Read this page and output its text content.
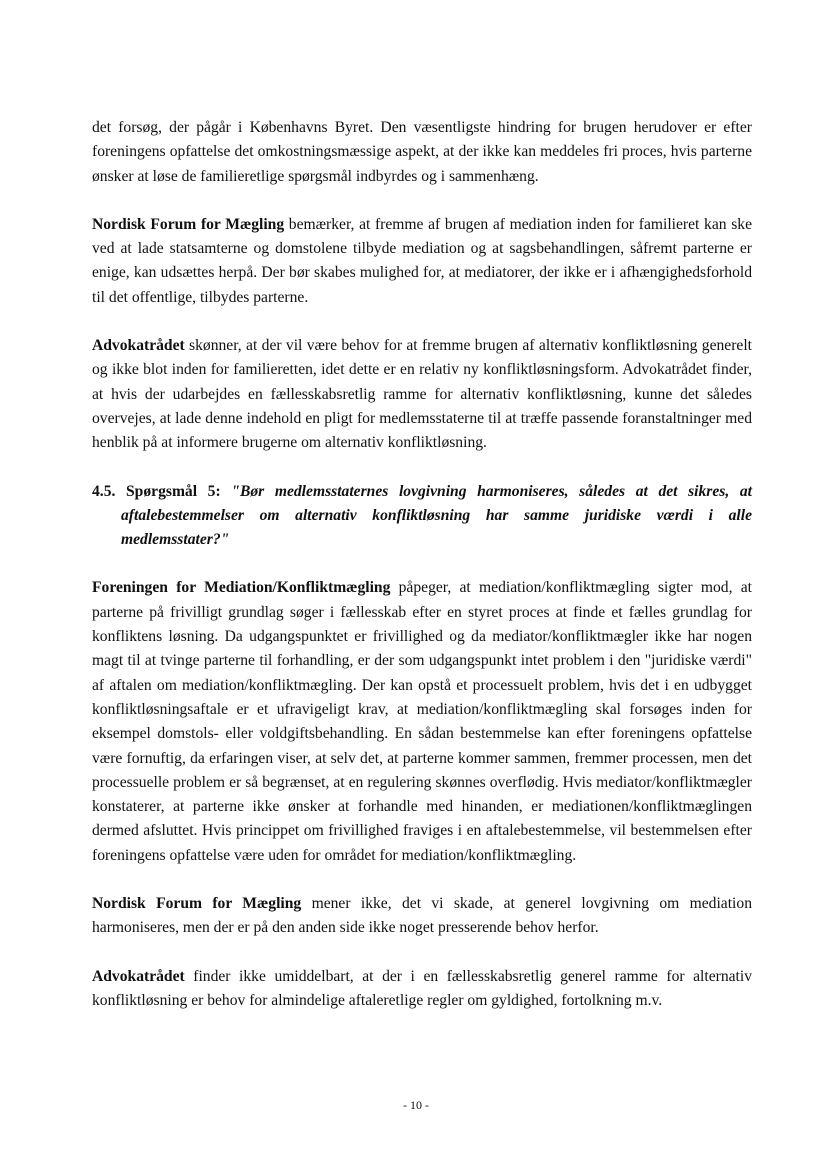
det forsøg, der pågår i Københavns Byret. Den væsentligste hindring for brugen herudover er efter foreningens opfattelse det omkostningsmæssige aspekt, at der ikke kan meddeles fri proces, hvis parterne ønsker at løse de familieretlige spørgsmål indbyrdes og i sammenhæng.

Nordisk Forum for Mægling bemærker, at fremme af brugen af mediation inden for familieret kan ske ved at lade statsamterne og domstolene tilbyde mediation og at sagsbehandlingen, såfremt parterne er enige, kan udsættes herpå. Der bør skabes mulighed for, at mediatorer, der ikke er i afhængighedsforhold til det offentlige, tilbydes parterne.

Advokatrådet skønner, at der vil være behov for at fremme brugen af alternativ konfliktløsning generelt og ikke blot inden for familieretten, idet dette er en relativ ny konfliktløsningsform. Advokatrådet finder, at hvis der udarbejdes en fællesskabsretlig ramme for alternativ konfliktløsning, kunne det således overvejes, at lade denne indehold en pligt for medlemsstaterne til at træffe passende foranstaltninger med henblik på at informere brugerne om alternativ konfliktløsning.

4.5. Spørgsmål 5: "Bør medlemsstaternes lovgivning harmoniseres, således at det sikres, at aftalebestemmelser om alternativ konfliktløsning har samme juridiske værdi i alle medlemsstater?"

Foreningen for Mediation/Konfliktmægling påpeger, at mediation/konfliktmægling sigter mod, at parterne på frivilligt grundlag søger i fællesskab efter en styret proces at finde et fælles grundlag for konfliktens løsning. Da udgangspunktet er frivillighed og da mediator/konfliktmægler ikke har nogen magt til at tvinge parterne til forhandling, er der som udgangspunkt intet problem i den "juridiske værdi" af aftalen om mediation/konfliktmægling. Der kan opstå et processuelt problem, hvis det i en udbygget konfliktløsningsaftale er et ufravigeligt krav, at mediation/konfliktmægling skal forsøges inden for eksempel domstols- eller voldgiftsbehandling. En sådan bestemmelse kan efter foreningens opfattelse være fornuftig, da erfaringen viser, at selv det, at parterne kommer sammen, fremmer processen, men det processuelle problem er så begrænset, at en regulering skønnes overflødig. Hvis mediator/konfliktmægler konstaterer, at parterne ikke ønsker at forhandle med hinanden, er mediationen/konfliktmæglingen dermed afsluttet. Hvis princippet om frivillighed fraviges i en aftalebestemmelse, vil bestemmelsen efter foreningens opfattelse være uden for området for mediation/konfliktmægling.

Nordisk Forum for Mægling mener ikke, det vi skade, at generel lovgivning om mediation harmoniseres, men der er på den anden side ikke noget presserende behov herfor.

Advokatrådet finder ikke umiddelbart, at der i en fællesskabsretlig generel ramme for alternativ konfliktløsning er behov for almindelige aftaleretlige regler om gyldighed, fortolkning m.v.

- 10 -
